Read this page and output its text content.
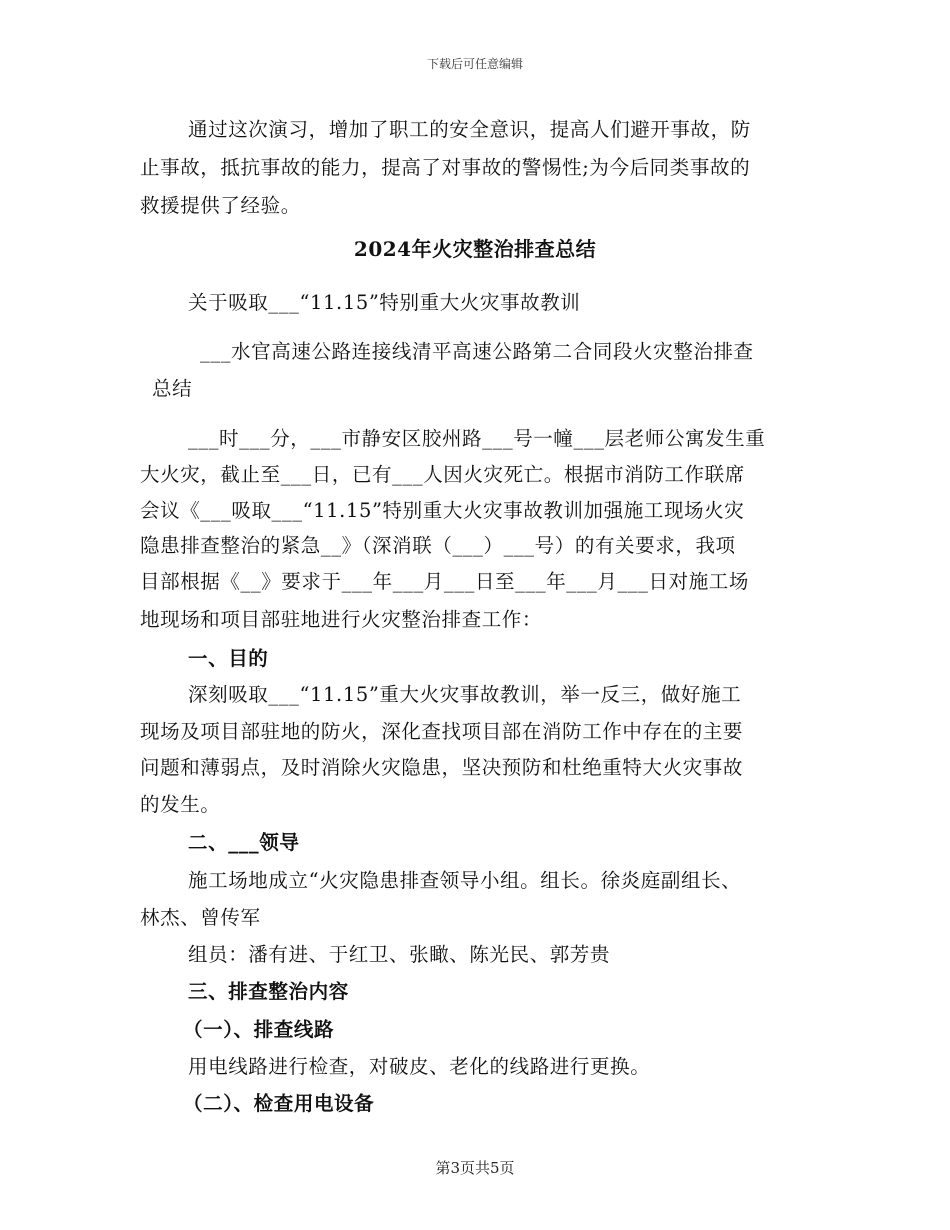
下载后可任意编辑
通过这次演习，增加了职工的安全意识，提高人们避开事故，防
止事故，抵抗事故的能力，提高了对事故的警惕性;为今后同类事故的
救援提供了经验。
2024年火灾整治排查总结
关于吸取___“11.15”特别重大火灾事故教训
___水官高速公路连接线清平高速公路第二合同段火灾整治排查
总结
___时___分，___市静安区胶州路___号一幢___层老师公寓发生重
大火灾，截止至___日，已有___人因火灾死亡。根据市消防工作联席
会议《___吸取___“11.15”特别重大火灾事故教训加强施工现场火灾
隐患排查整治的紧急__》（深消联（___）___号）的有关要求，我项
目部根据《__》要求于___年___月___日至___年___月___日对施工场
地现场和项目部驻地进行火灾整治排查工作：
一、目的
深刻吸取___“11.15”重大火灾事故教训，举一反三，做好施工
现场及项目部驻地的防火，深化查找项目部在消防工作中存在的主要
问题和薄弱点，及时消除火灾隐患，坚决预防和杜绝重特大火灾事故
的发生。
二、___领导
施工场地成立“火灾隐患排查领导小组。组长。徐炎庭副组长、
林杰、曾传军
组员：潘有进、于红卫、张瞰、陈光民、郭芳贵
三、排查整治内容
（一）、排查线路
用电线路进行检查，对破皮、老化的线路进行更换。
（二）、检查用电设备
第3页共5页
